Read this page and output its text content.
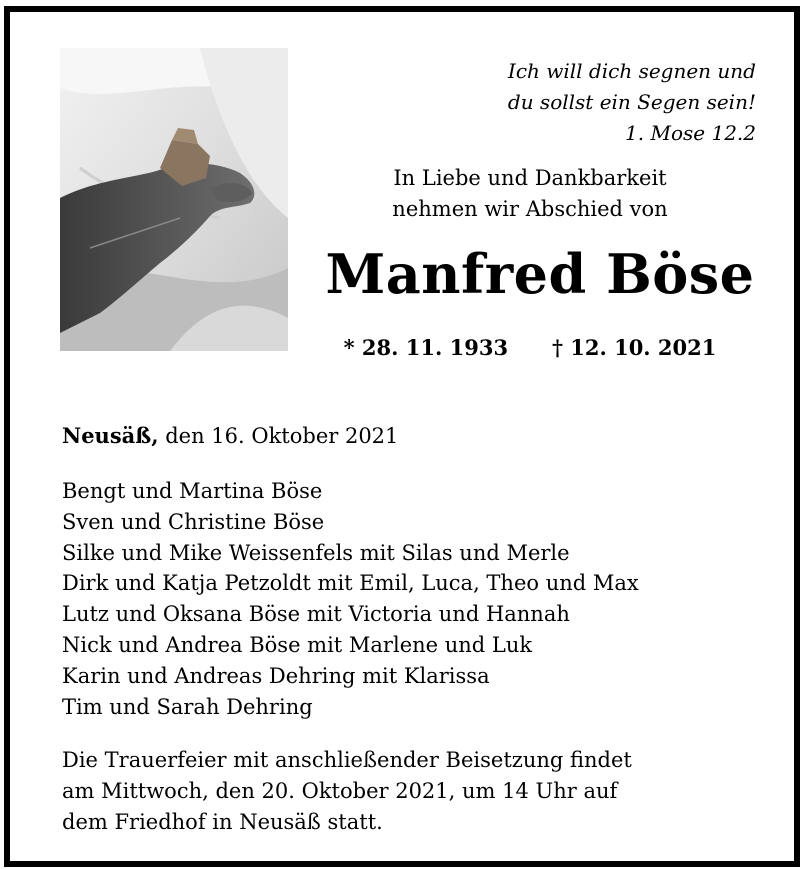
Ich will dich segnen und
du sollst ein Segen sein!
1. Mose 12.2
In Liebe und Dankbarkeit
nehmen wir Abschied von
Manfred Böse
* 28. 11. 1933 † 12. 10. 2021
Neusäß, den 16. Oktober 2021
Bengt und Martina Böse
Sven und Christine Böse
Silke und Mike Weissenfels mit Silas und Merle
Dirk und Katja Petzoldt mit Emil, Luca, Theo und Max
Lutz und Oksana Böse mit Victoria und Hannah
Nick und Andrea Böse mit Marlene und Luk
Karin und Andreas Dehring mit Klarissa
Tim und Sarah Dehring
Die Trauerfeier mit anschließender Beisetzung findet
am Mittwoch, den 20. Oktober 2021, um 14 Uhr auf
dem Friedhof in Neusäß statt.
